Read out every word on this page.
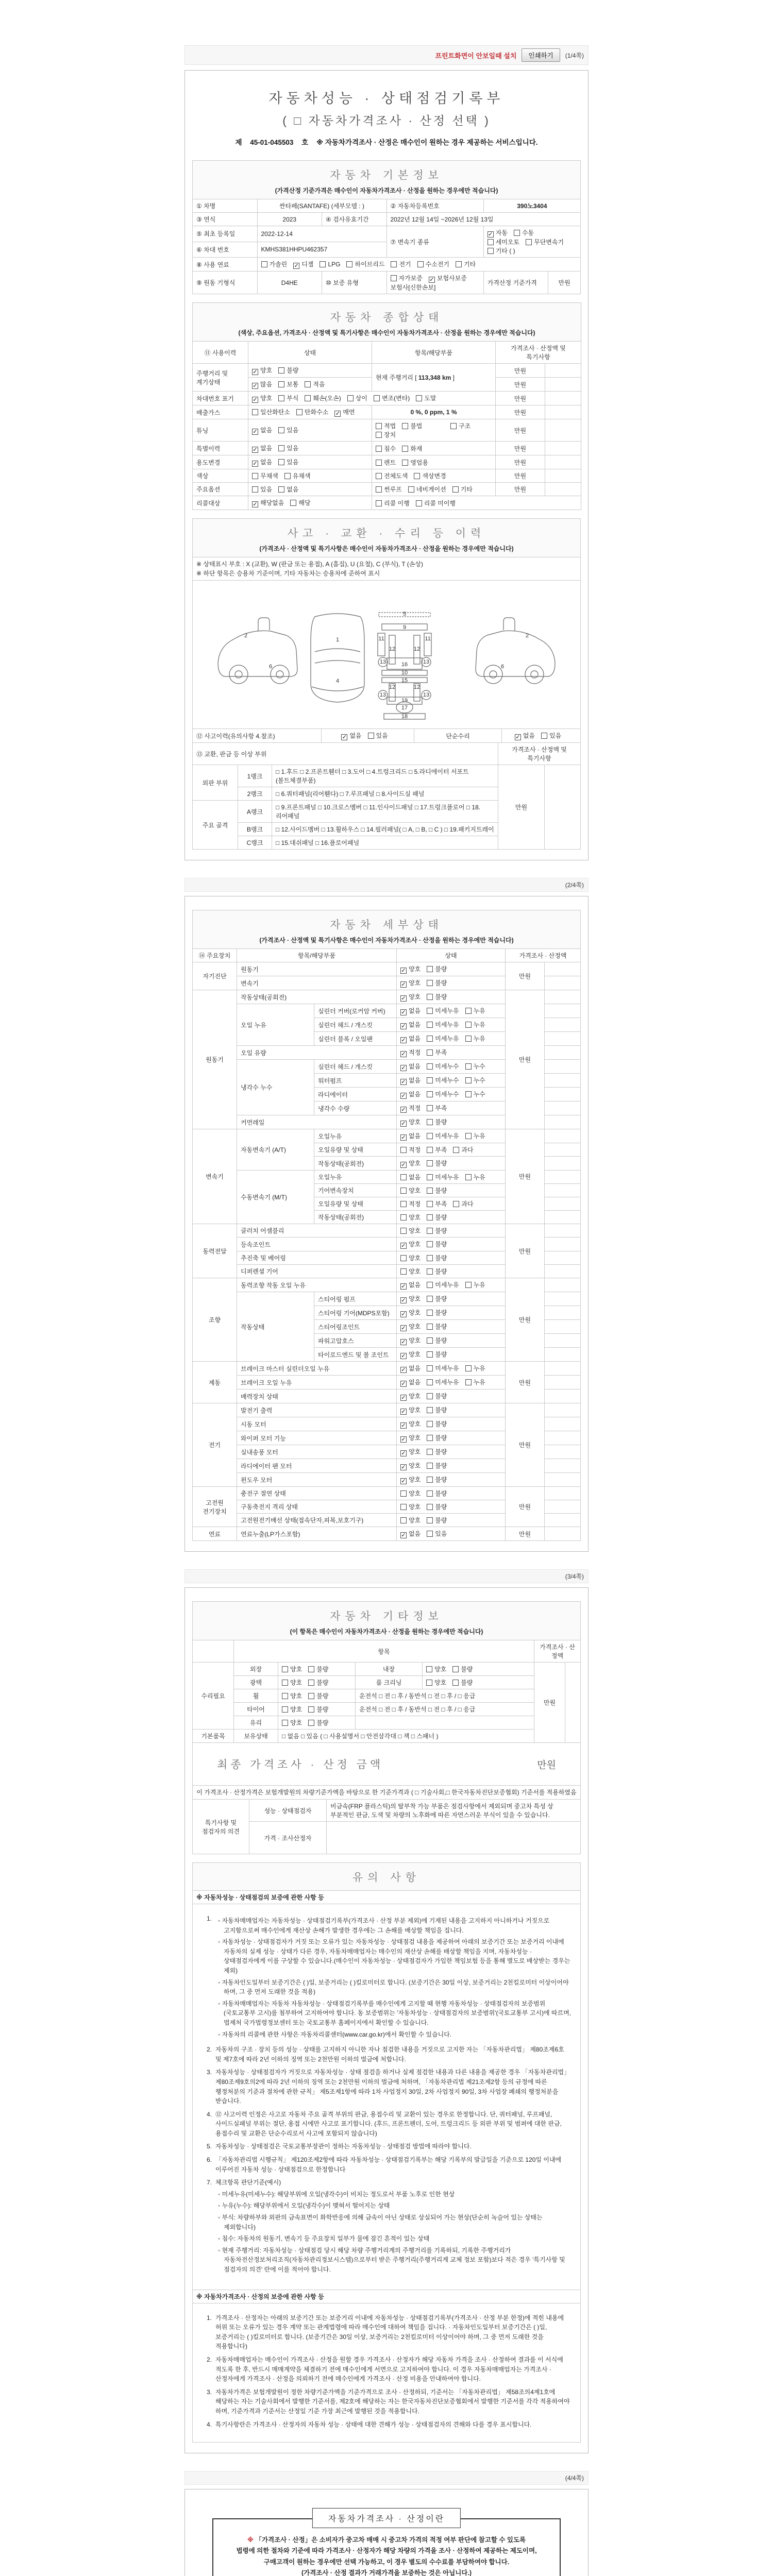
프린트화면이 안보일때 설치	인쇄하기	(1/4쪽)
자동차성능 · 상태점검기록부
( □ 자동차가격조사 · 산정 선택 )
제 45-01-045503 호 ※ 자동차가격조사 · 산정은 매수인이 원하는 경우 제공하는 서비스입니다.
자동차 기본정보
(가격산정 기준가격은 매수인이 자동차가격조사 · 산정을 원하는 경우에만 적습니다)					

① 차명	싼타페(SANTAFE) (세부모델 : )		② 자동차등록번호	390노3404	
③ 연식	2023	④ 검사유효기간	2022년 12월 14일 ~2026년 12월 13일		
⑤ 최초 등록일	2022-12-14		⑦ 변속기 종류	✓자동 수동세미오토 무단변속기
기타 ( )
⑥ 차대 번호	KMHS381HHPU462357				
⑧ 사용 연료	가솔린 ✓ 디젤 LPG 하이브리드 전기 수소전기 기타
⑨ 원동 기형식	D4HE	⑩ 보증 유형	자가보증 ✓ 보험사보증 보험사[신한손보]	가격산정 기준가격	만원
자동차 종합상태
(색상, 주요옵션, 가격조사 · 산정액 및 특기사항은 매수인이 자동차가격조사 · 산정을 원하는 경우에만 적습니다)				

⑪ 사용이력	상태	항목/해당부품	가격조사 · 산정액 및 특기사항	
주행거리 및 계기상태	✓양호 불량	현재 주행거리 [ 113,348 km ]	만원	
✓많음 보통 적음		만원	
차대번호 표기	✓양호 부식 훼손(오손) 상이 변조(변타) 도말		만원	
배출가스	일산화탄소 탄화수소 ✓ 매연	0 %, 0 ppm, 1 %	만원	
튜닝	✓없음 있음	적법 불법 구조장치	만원	
특별이력	✓없음 있음	침수 화재	만원	
용도변경	✓없음 있음	렌트 영업용	만원	
색상	무채색 유채색	전체도색 색상변경	만원	
주요옵션	있음 없음	썬루프 네비게이션 기타	만원	
리콜대상	✓해당없음 해당	리콜 이행 리콜 미이행		
사고 · 교환 · 수리 등 이력
(가격조사 · 산정액 및 특기사항은 매수인이 자동차가격조사 · 산정을 원하는 경우에만 적습니다)

※ 상태표시 부호 : X (교환), W (판금 또는 용접), A (흠집), U (요철), C (부식), T (손상)
※ 하단 항목은 승용차 기준이며, 기타 자동차는 승용차에 준하여 표시

1
2	2
4
5
6	6
9
10
11	11
12	12
12	12
13	13
13	13
15
16
17
18
19
⑫ 사고이력(유의사항 4.참조)	✓없음 있음	단순수리	✓없음 있음
⑬ 교환, 판금 등 이상 부위			가격조사 · 산정액 및 특기사항	
외판 부위	1랭크	□ 1.후드 □ 2.프론트휀더 □ 3.도어 □ 4.트렁크리드 □ 5.라디에이터 서포트(볼트체결부품)	만원	
	2랭크	□ 6.쿼터패널(리어휀다) □ 7.루프패널 □ 8.사이드실 패널		
주요 골격	A랭크	□ 9.프론트패널 □ 10.크로스멤버 □ 11.인사이드패널 □ 17.트렁크플로어 □ 18.리어패널		
	B랭크	□ 12.사이드멤버 □ 13.휠하우스 □ 14.필러패널( □ A, □ B, □ C ) □ 19.패키지트레이		
	C랭크	□ 15.대쉬패널 □ 16.플로어패널		
(2/4쪽)
자동차 세부상태
(가격조사 · 산정액 및 특기사항은 매수인이 자동차가격조사 · 산정을 원하는 경우에만 적습니다)					

⑭ 주요장치	항목/해당부품		상태	가격조사 · 산정액	
자기진단	원동기	✓양호 불량	만원	
	변속기	✓양호 불량	
원동기	작동상태(공회전)	✓양호 불량	만원	
	오일 누유	실린더 커버(로커암 커버)	✓없음 미세누유 누유	
		실린더 헤드 / 개스킷	✓없음 미세누유 누유	
		실린더 블록 / 오일팬	✓없음 미세누유 누유	
	오일 유량	✓적정 부족	
	냉각수 누수	실린더 헤드 / 개스킷	✓없음 미세누수 누수	
		워터펌프	✓없음 미세누수 누수	
		라디에이터	✓없음 미세누수 누수	
		냉각수 수량	✓적정 부족	
	커먼레일	✓양호 불량	
변속기	자동변속기 (A/T)	오일누유	✓없음 미세누유 누유	만원	
		오일유량 및 상태	적정 부족 과다		
		작동상태(공회전)	✓양호 불량	
	수동변속기 (M/T)	오일누유	없음 미세누유 누유		
		기어변속장치	양호 불량		
		오일유량 및 상태	적정 부족 과다		
		작동상태(공회전)	양호 불량		
동력전달	클러치 어셈블리		양호 불량	만원	
	등속조인트	✓양호 불량	
	추진축 및 베어링		양호 불량		
	디퍼렌셜 기어		양호 불량		
조향	동력조향 작동 오일 누유	✓없음 미세누유 누유	만원	
	작동상태	스티어링 펌프	✓양호 불량	
		스티어링 기어(MDPS포함)	✓양호 불량	
		스티어링조인트	✓양호 불량	
		파워고압호스	✓양호 불량	
		타이로드엔드 및 볼 조인트	✓양호 불량	
제동	브레이크 마스터 실린더오일 누유	✓없음 미세누유 누유	만원	
	브레이크 오일 누유	✓없음 미세누유 누유	
	배력장치 상태	✓양호 불량	
전기	발전기 출력	✓양호 불량	만원	
	시동 모터	✓양호 불량	
	와이퍼 모터 기능	✓양호 불량	
	실내송풍 모터	✓양호 불량	
	라디에이터 팬 모터	✓양호 불량	
	윈도우 모터	✓양호 불량	
고전원 전기장치	충전구 절연 상태		양호 불량	만원	
	구동축전지 격리 상태		양호 불량		
	고전원전기배선 상태(접속단자,피복,보호기구)		양호 불량		
연료	연료누출(LP가스포함)	✓없음 있음	만원	
(3/4쪽)
자동차 기타정보
(이 항목은 매수인이 자동차가격조사 · 산정을 원하는 경우에만 적습니다)						

	항목				가격조사 · 산 정액	
수리필요	외장	양호 불량	내장	양호 불량	만원	
	광택	양호 불량	룸 크리닝	양호 불량		
	휠	양호 불량	운전석 □ 전 □ 후 / 동반석 □ 전 □ 후 / □ 응급			
	타이어	양호 불량	운전석 □ 전 □ 후 / 동반석 □ 전 □ 후 / □ 응급			
	유리	양호 불량				
기본품목	보유상태	□ 없음 □ 있음 ( □ 사용설명서 □ 안전삼각대 □ 잭 □ 스패너 )				
최종 가격조사 · 산정 금액	만원

이 가격조사 · 산정가격은 보험개발원의 차량기준가액을 바탕으로 한 기준가격과 ( □ 기술사회,□ 한국자동차진단보증협회) 기준서를 적용하였음
특기사항 및 점검자의 의견	성능 · 상태점검자	비금속(FRP 플라스틱)의 탈부착 가능 부품은 점검사항에서 제외되며 중고차 특성 상 부분적인 판금, 도색 및 차량의 노후화에 따른 자연스러운 부식이 있을 수 있습니다.
	가격 · 조사산정자	
유의 사항

※ 자동차성능 · 상태점검의 보증에 관한 사항 등

1.	◦ 자동차매매업자는 자동차성능 · 상태점검기록부(가격조사 · 산정 부분 제외)에 기재된 내용을 고지하지 아니하거나 거짓으로 고지함으로써 매수인에게 재산상 손해가 발생한 경우에는 그 손해를 배상할 책임을 집니다.
◦ 자동차성능 · 상태점검자가 거짓 또는 오류가 있는 자동차성능 · 상태점검 내용을 제공하여 아래의 보증기간 또는 보증거리 이내에 자동차의 실제 성능 · 상태가 다른 경우, 자동차매매업자는 매수인의 재산상 손해를 배상할 책임을 지며, 자동차성능 · 상태점검자에게 이를 구상할 수 있습니다.(매수인이 자동차성능 · 상태점검자가 가입한 책임보험 등을 통해 별도로 배상받는 경우는 제외)
◦ 자동차인도일부터 보증기간은 ( )일, 보증거리는 ( )킬로미터로 합니다. (보증기간은 30일 이상, 보증거리는 2천킬로미터 이상이어야 하며, 그 중 먼저 도래한 것을 적용)
◦ 자동차매매업자는 자동차 자동차성능 · 상태점검기록부를 매수인에게 고지할 때 현행 자동차성능 · 상태점검자의 보증범위(국토교통부 고시)를 첨부하여 고지하여야 합니다. 동 보증범위는 '자동차성능 · 상태점검자의 보증범위'(국토교통부 고시)에 따르며, 법제처 국가법령정보센터 또는 국토교통부 홈페이지에서 확인할 수 있습니다.
◦ 자동차의 리콜에 관한 사항은 자동차리콜센터(www.car.go.kr)에서 확인할 수 있습니다.
2. 자동차의 구조 · 장치 등의 성능 · 상태를 고지하지 아니한 자나 점검한 내용을 거짓으로 고지한 자는 「자동차관리법」 제80조제6호 및 제7호에 따라 2년 이하의 징역 또는 2천만원 이하의 벌금에 처합니다.
3. 자동차성능 · 상태점검자가 거짓으로 자동차성능 · 상태 점검을 하거나 실제 점검한 내용과 다른 내용을 제공한 경우 「자동차관리법」 제80조제9호의2에 따라 2년 이하의 징역 또는 2천만원 이하의 벌금에 처하며, 「자동차관리법 제21조제2항 등의 규정에 따른 행정처분의 기준과 절차에 관한 규칙」 제5조제1항에 따라 1차 사업정지 30일, 2차 사업정지 90일, 3차 사업장 폐쇄의 행정처분을 받습니다.
4. ⑫ 사고이력 인정은 사고로 자동차 주요 골격 부위의 판금, 용접수리 및 교환이 있는 경우로 한정합니다. 단, 쿼터패널, 루프패널, 사이드실패널 부위는 절단, 용접 시에만 사고로 표기합니다. (후드, 프론트펜더, 도어, 트렁크리드 등 외판 부위 및 범퍼에 대한 판금, 용접수리 및 교환은 단순수리로서 사고에 포함되지 않습니다)
5. 자동차성능 · 상태점검은 국토교통부장관이 정하는 자동차성능 · 상태점검 방법에 따라야 합니다.
6. 「자동차관리법 시행규칙」 제120조제2항에 따라 자동차성능 · 상태점검기록부는 해당 기록부의 발급일을 기준으로 120일 이내에 이루어진 자동차 성능 · 상태점검으로 한정합니다
7. 체크항목 판단기준(예시)
◦ 미세누유(미세누수): 해당부위에 오일(냉각수)이 비치는 정도로서 부품 노후로 인한 현상
◦ 누유(누수): 해당부위에서 오일(냉각수)이 맺혀서 떨어지는 상태
◦ 부식: 차량하부와 외판의 금속표면이 화학반응에 의해 금속이 아닌 상태로 상실되어 가는 현상(단순히 녹슬어 있는 상태는 제외합니다)
◦ 침수: 자동차의 원동기, 변속기 등 주요장치 일부가 물에 잠긴 흔적이 있는 상태
◦ 현재 주행거리: 자동차성능 · 상태점검 당시 해당 차량 주행거리계의 주행거리를 기록하되, 기록한 주행거리가 자동차전산정보처리조직(자동차관리정보시스템)으로부터 받은 주행거리(주행거리계 교체 정보 포함)보다 적은 경우 '특기사항 및 점검자의 의견' 란에 이를 적어야 합니다.

※ 자동차가격조사 · 산정의 보증에 관한 사항 등

1. 가격조사 · 산정자는 아래의 보증기간 또는 보증거리 이내에 자동차성능 · 상태점검기록부(가격조사 · 산정 부분 한정)에 적힌 내용에 허위 또는 오류가 있는 경우 계약 또는 관계법령에 따라 매수인에 대하여 책임을 집니다. · 자동차인도일부터 보증기간은 ( )일, 보증거리는 ( )킬로미터로 합니다. (보증기간은 30일 이상, 보증거리는 2천킬로미터 이상이어야 하며, 그 중 먼저 도래한 것을 적용합니다)
2. 자동차매매업자는 매수인이 가격조사 · 산정을 원할 경우 가격조사 · 산정자가 해당 자동차 가격을 조사 · 산정하여 결과를 이 서식에 적도록 한 후, 반드시 매매계약을 체결하기 전에 매수인에게 서면으로 고지하여야 합니다. 이 경우 자동차매매업자는 가격조사 · 산정자에게 가격조사 · 산정을 의뢰하기 전에 매수인에게 가격조사 · 산정 비용을 안내하여야 합니다.
3. 자동차가격은 보험개발원이 정한 차량기준가액을 기준가격으로 조사 · 산정하되, 기준서는 「자동차관리법」 제58조의4제1호에 해당하는 자는 기술사회에서 발행한 기준서를, 제2호에 해당하는 자는 한국자동차진단보증협회에서 발행한 기준서를 각각 적용하여야 하며, 기준가격과 기준서는 산정일 기준 가장 최근에 발행된 것을 적용합니다.
4. 특기사항란은 가격조사 · 산정자의 자동차 성능 · 상태에 대한 견해가 성능 · 상태점검자의 견해와 다를 경우 표시합니다.
(4/4쪽)
자동차가격조사 · 산정이란
※ 「가격조사 · 산정」은 소비자가 중고차 매매 시 중고차 가격의 적정 여부 판단에 참고할 수 있도록
법령에 의한 절차와 기준에 따라 가격조사 · 산정자가 해당 차량의 가격을 조사 · 산정하여 제공하는 제도이며,
구매고객이 원하는 경우에만 선택 가능하고, 이 경우 별도의 수수료를 부담하여야 합니다.
(가격조사 · 산정 결과가 거래가격을 보증하는 것은 아닙니다.)
